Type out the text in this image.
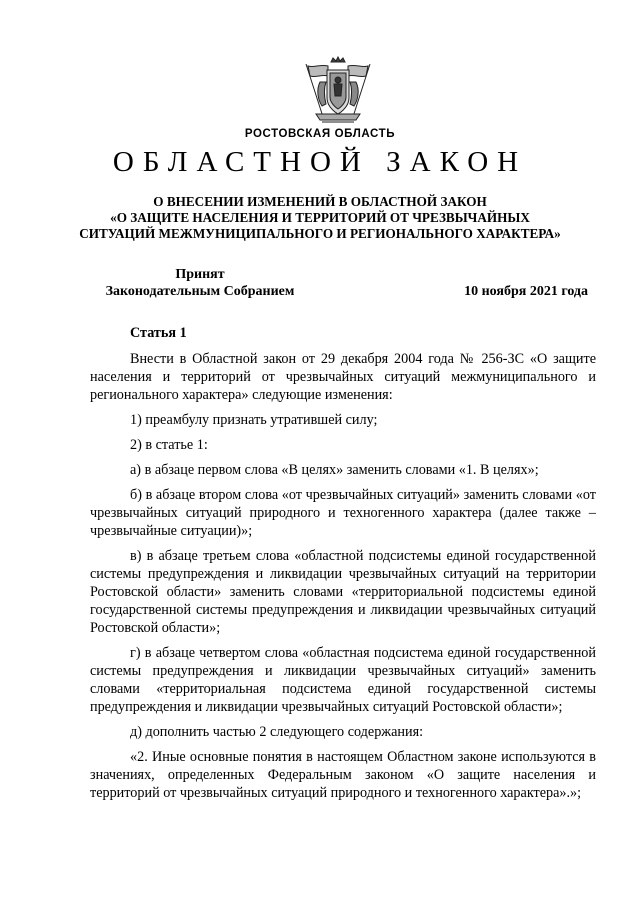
РОСТОВСКАЯ ОБЛАСТЬ
ОБЛАСТНОЙ ЗАКОН
О ВНЕСЕНИИ ИЗМЕНЕНИЙ В ОБЛАСТНОЙ ЗАКОН
«О ЗАЩИТЕ НАСЕЛЕНИЯ И ТЕРРИТОРИЙ ОТ ЧРЕЗВЫЧАЙНЫХ
СИТУАЦИЙ МЕЖМУНИЦИПАЛЬНОГО И РЕГИОНАЛЬНОГО ХАРАКТЕРА»
Принят
Законодательным Собранием	10 ноября 2021 года
Статья 1

Внести в Областной закон от 29 декабря 2004 года № 256-ЗС «О защите населения и территорий от чрезвычайных ситуаций межмуниципального и регионального характера» следующие изменения:

1) преамбулу признать утратившей силу;

2) в статье 1:

а) в абзаце первом слова «В целях» заменить словами «1. В целях»;

б) в абзаце втором слова «от чрезвычайных ситуаций» заменить словами «от чрезвычайных ситуаций природного и техногенного характера (далее также – чрезвычайные ситуации)»;

в) в абзаце третьем слова «областной подсистемы единой государственной системы предупреждения и ликвидации чрезвычайных ситуаций на территории Ростовской области» заменить словами «территориальной подсистемы единой государственной системы предупреждения и ликвидации чрезвычайных ситуаций Ростовской области»;

г) в абзаце четвертом слова «областная подсистема единой государственной системы предупреждения и ликвидации чрезвычайных ситуаций» заменить словами «территориальная подсистема единой государственной системы предупреждения и ликвидации чрезвычайных ситуаций Ростовской области»;

д) дополнить частью 2 следующего содержания:

«2. Иные основные понятия в настоящем Областном законе используются в значениях, определенных Федеральным законом «О защите населения и территорий от чрезвычайных ситуаций природного и техногенного характера».»;
